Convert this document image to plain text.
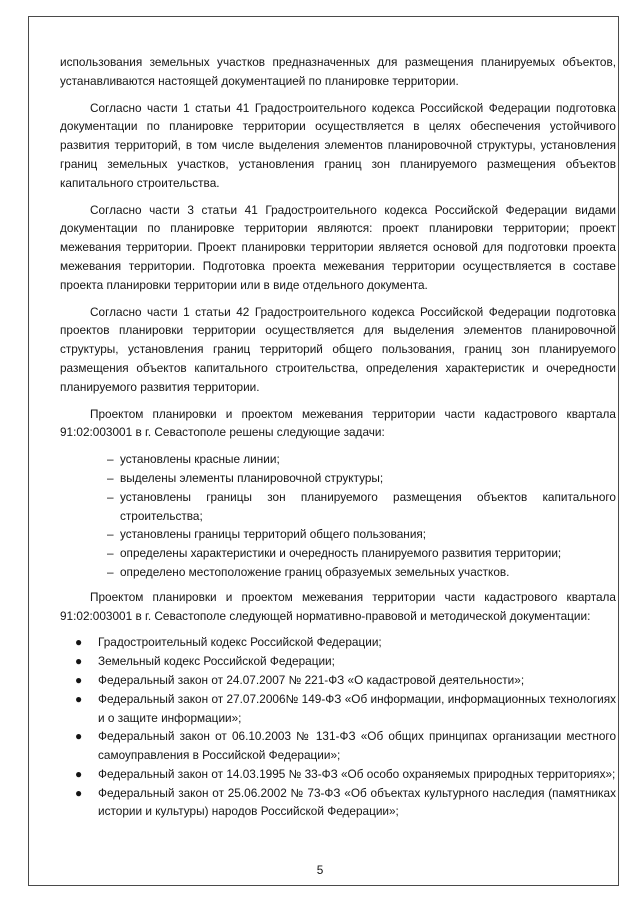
использования земельных участков предназначенных для размещения планируемых объектов, устанавливаются настоящей документацией по планировке территории.

Согласно части 1 статьи 41 Градостроительного кодекса Российской Федерации подготовка документации по планировке территории осуществляется в целях обеспечения устойчивого развития территорий, в том числе выделения элементов планировочной структуры, установления границ земельных участков, установления границ зон планируемого размещения объектов капитального строительства.

Согласно части 3 статьи 41 Градостроительного кодекса Российской Федерации видами документации по планировке территории являются: проект планировки территории; проект межевания территории. Проект планировки территории является основой для подготовки проекта межевания территории. Подготовка проекта межевания территории осуществляется в составе проекта планировки территории или в виде отдельного документа.

Согласно части 1 статьи 42 Градостроительного кодекса Российской Федерации подготовка проектов планировки территории осуществляется для выделения элементов планировочной структуры, установления границ территорий общего пользования, границ зон планируемого размещения объектов капитального строительства, определения характеристик и очередности планируемого развития территории.

Проектом планировки и проектом межевания территории части кадастрового квартала 91:02:003001 в г. Севастополе решены следующие задачи:

– установлены красные линии;
– выделены элементы планировочной структуры;
– установлены границы зон планируемого размещения объектов капитального строительства;
– установлены границы территорий общего пользования;
– определены характеристики и очередность планируемого развития территории;
– определено местоположение границ образуемых земельных участков.

Проектом планировки и проектом межевания территории части кадастрового квартала 91:02:003001 в г. Севастополе следующей нормативно-правовой и методической документации:

● Градостроительный кодекс Российской Федерации;
● Земельный кодекс Российской Федерации;
● Федеральный закон от 24.07.2007 № 221-ФЗ «О кадастровой деятельности»;
● Федеральный закон от 27.07.2006№ 149-ФЗ «Об информации, информационных технологиях и о защите информации»;
● Федеральный закон от 06.10.2003 № 131-ФЗ «Об общих принципах организации местного самоуправления в Российской Федерации»;
● Федеральный закон от 14.03.1995 № 33-ФЗ «Об особо охраняемых природных территориях»;
● Федеральный закон от 25.06.2002 № 73-ФЗ «Об объектах культурного наследия (памятниках истории и культуры) народов Российской Федерации»;
5
